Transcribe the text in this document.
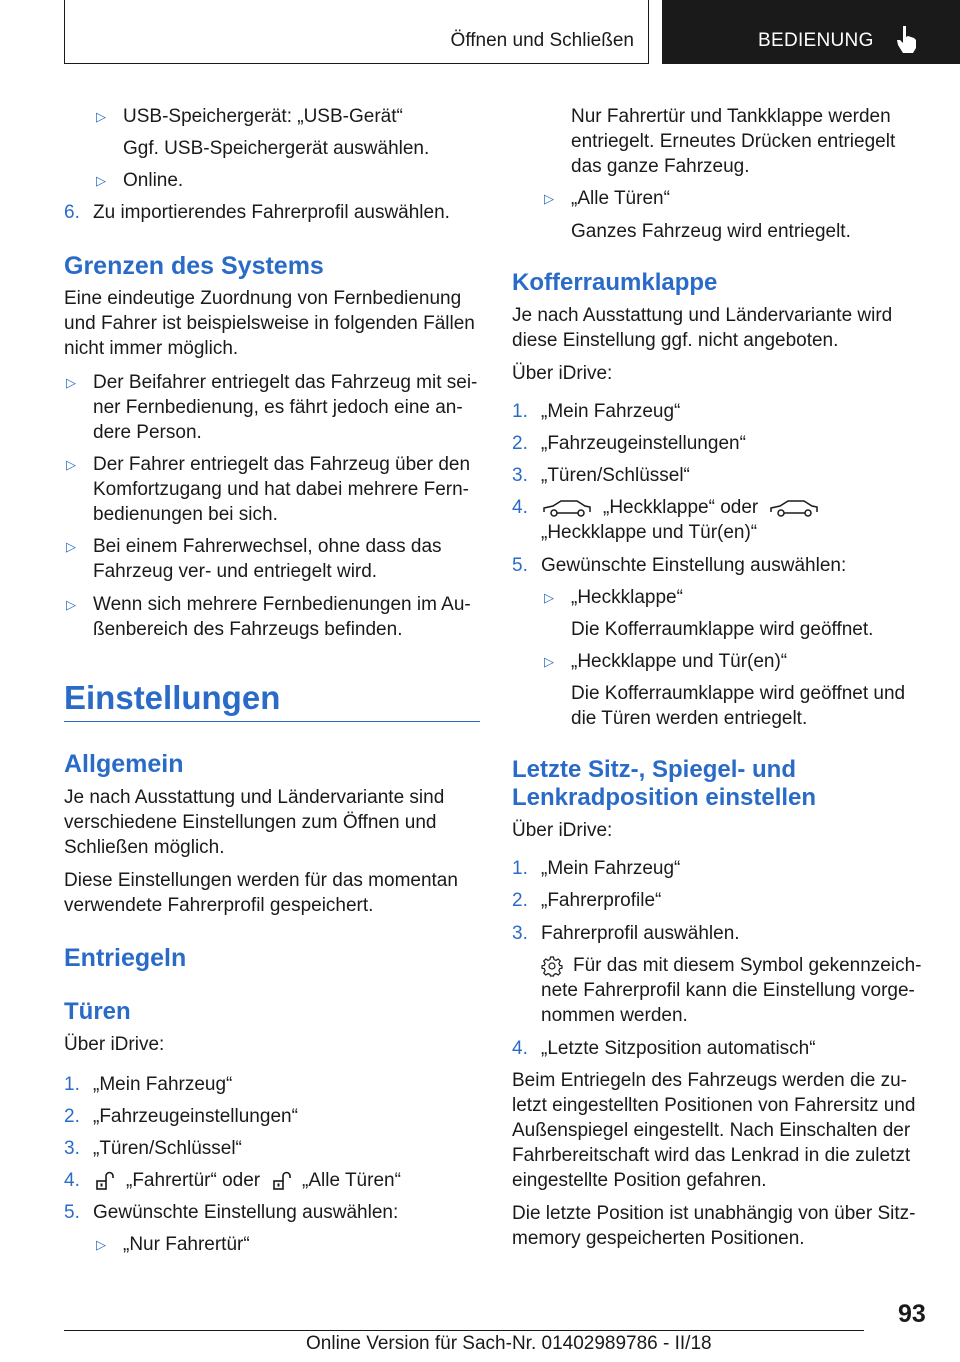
Öffnen und Schließen	BEDIENUNG
▷ USB-Speichergerät: „USB-Gerät“
Ggf. USB-Speichergerät auswählen.
▷ Online.
6. Zu importierendes Fahrerprofil auswählen.
Grenzen des Systems
Eine eindeutige Zuordnung von Fernbedienung
und Fahrer ist beispielsweise in folgenden Fällen
nicht immer möglich.
▷ Der Beifahrer entriegelt das Fahrzeug mit sei‐
ner Fernbedienung, es fährt jedoch eine an‐
dere Person.
▷ Der Fahrer entriegelt das Fahrzeug über den
Komfortzugang und hat dabei mehrere Fern‐
bedienungen bei sich.
▷ Bei einem Fahrerwechsel, ohne dass das
Fahrzeug ver- und entriegelt wird.
▷ Wenn sich mehrere Fernbedienungen im Au‐
ßenbereich des Fahrzeugs befinden.
Einstellungen
Allgemein
Je nach Ausstattung und Ländervariante sind
verschiedene Einstellungen zum Öffnen und
Schließen möglich.
Diese Einstellungen werden für das momentan
verwendete Fahrerprofil gespeichert.
Entriegeln
Türen
Über iDrive:
1. „Mein Fahrzeug“
2. „Fahrzeugeinstellungen“
3. „Türen/Schlüssel“
4. „Fahrertür“ oder „Alle Türen“
5. Gewünschte Einstellung auswählen:
▷ „Nur Fahrertür“
Nur Fahrertür und Tankklappe werden
entriegelt. Erneutes Drücken entriegelt
das ganze Fahrzeug.
▷ „Alle Türen“
Ganzes Fahrzeug wird entriegelt.
Kofferraumklappe
Je nach Ausstattung und Ländervariante wird
diese Einstellung ggf. nicht angeboten.
Über iDrive:
1. „Mein Fahrzeug“
2. „Fahrzeugeinstellungen“
3. „Türen/Schlüssel“
4.	„Heckklappe“ oder
„Heckklappe und Tür(en)“
5. Gewünschte Einstellung auswählen:
▷ „Heckklappe“
Die Kofferraumklappe wird geöffnet.
▷ „Heckklappe und Tür(en)“
Die Kofferraumklappe wird geöffnet und
die Türen werden entriegelt.
Letzte Sitz-, Spiegel- und
Lenkradposition einstellen
Über iDrive:
1. „Mein Fahrzeug“
2. „Fahrerprofile“
3. Fahrerprofil auswählen.
Für das mit diesem Symbol gekennzeich‐
nete Fahrerprofil kann die Einstellung vorge‐
nommen werden.
4. „Letzte Sitzposition automatisch“
Beim Entriegeln des Fahrzeugs werden die zu‐
letzt eingestellten Positionen von Fahrersitz und
Außenspiegel eingestellt. Nach Einschalten der
Fahrbereitschaft wird das Lenkrad in die zuletzt
eingestellte Position gefahren.
Die letzte Position ist unabhängig von über Sitz‐
memory gespeicherten Positionen.
93
Online Version für Sach-Nr. 01402989786 - II/18
